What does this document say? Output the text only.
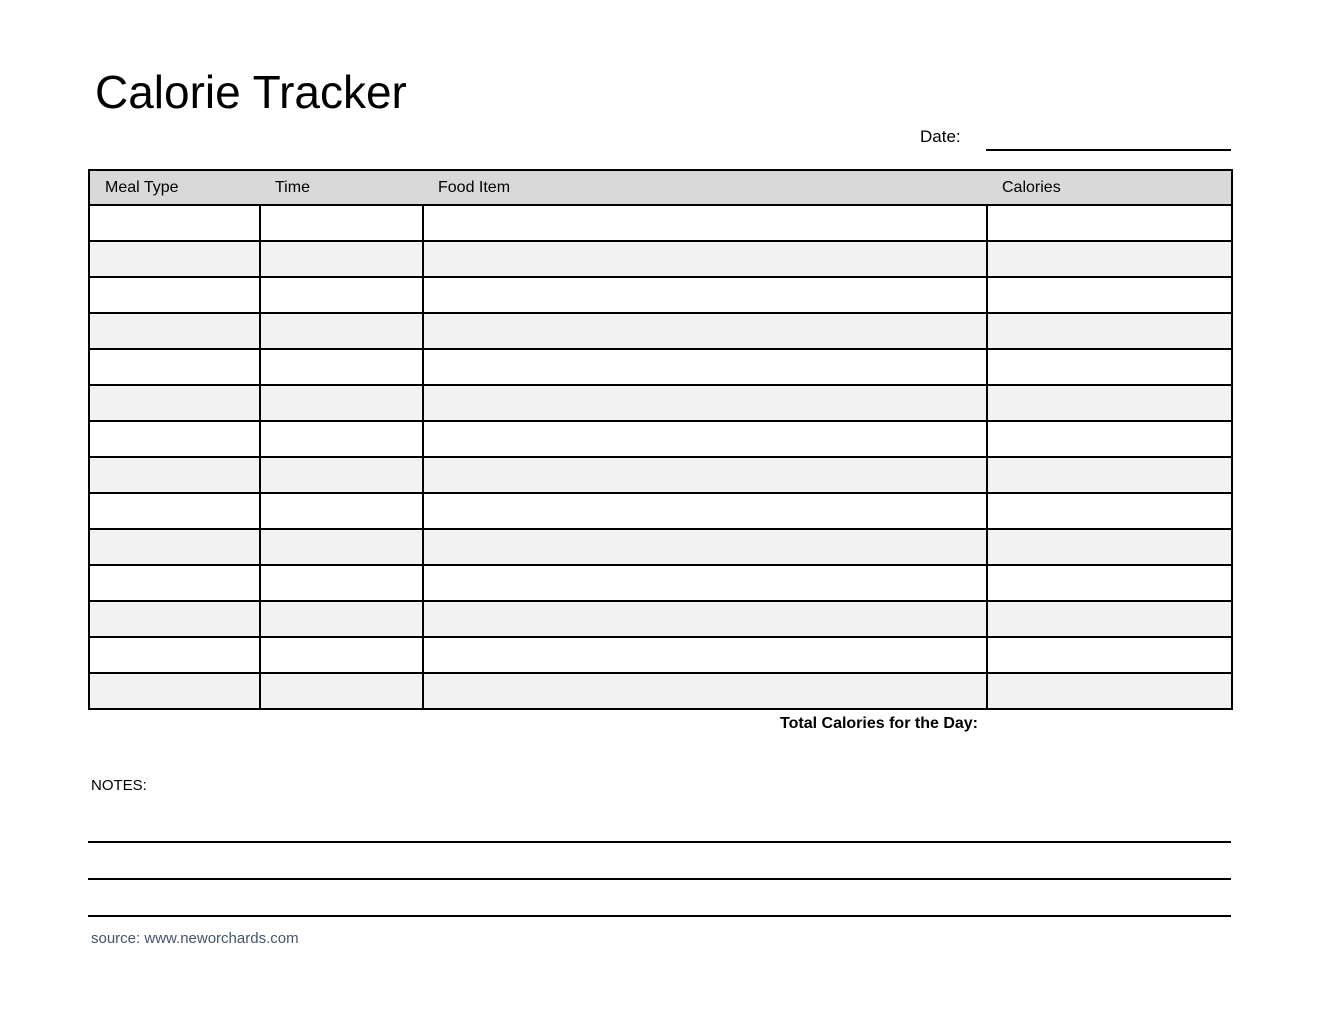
Calorie Tracker
Date:
Meal Type	Time	Food Item	Calories

Total Calories for the Day:
NOTES:
source: www.neworchards.com
